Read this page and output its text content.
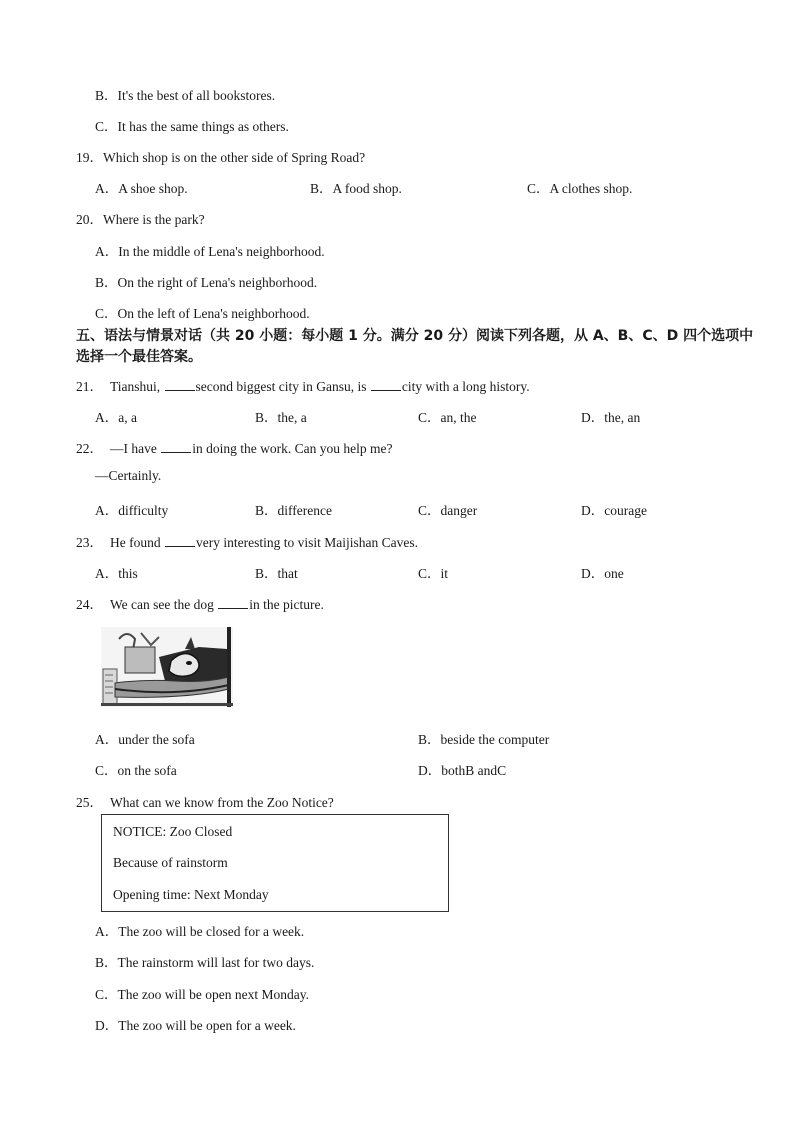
B．It's the best of all bookstores.
C．It has the same things as others.
19．Which shop is on the other side of Spring Road?
A．A shoe shop.	B．A food shop.	C．A clothes shop.
20．Where is the park?
A．In the middle of Lena's neighborhood.
B．On the right of Lena's neighborhood.
C．On the left of Lena's neighborhood.
五、语法与情景对话（共 20 小题：每小题 1 分。满分 20 分）阅读下列各题，从 A、B、C、D 四个选项中选择一个最佳答案。
21． Tianshui,	second biggest city in Gansu, is	city with a long history.
A．a, a	B．the, a	C．an, the	D．the, an
22． —I have	in doing the work. Can you help me?
—Certainly.
A．difficulty	B．difference	C．danger	D．courage
23． He found	very interesting to visit Maijishan Caves.
A．this	B．that	C．it	D．one
24． We can see the dog	in the picture.
A．under the sofa	B．beside the computer
C．on the sofa	D．bothB andC
25． What can we know from the Zoo Notice?
NOTICE: Zoo Closed
Because of rainstorm
Opening time: Next Monday
A．The zoo will be closed for a week.
B．The rainstorm will last for two days.
C．The zoo will be open next Monday.
D．The zoo will be open for a week.
